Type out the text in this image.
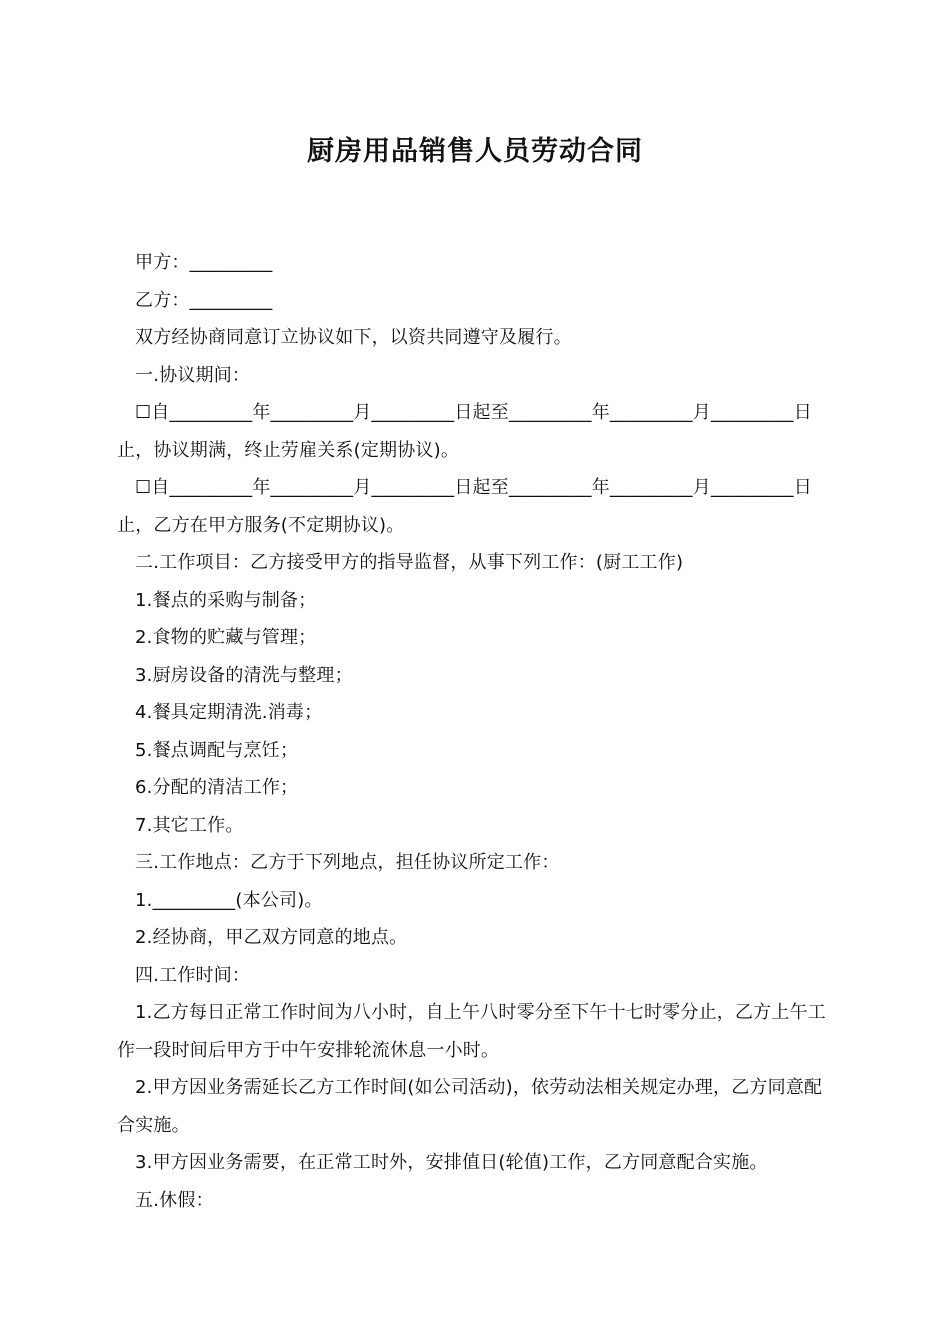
厨房用品销售人员劳动合同

甲方：_________

乙方：_________

双方经协商同意订立协议如下，以资共同遵守及履行。

一.协议期间：

☐自_________年_________月_________日起至_________年_________月_________日止，协议期满，终止劳雇关系(定期协议)。

☐自_________年_________月_________日起至_________年_________月_________日止，乙方在甲方服务(不定期协议)。

二.工作项目：乙方接受甲方的指导监督，从事下列工作：(厨工工作)

1.餐点的采购与制备；

2.食物的贮藏与管理；

3.厨房设备的清洗与整理；

4.餐具定期清洗.消毒；

5.餐点调配与烹饪；

6.分配的清洁工作；

7.其它工作。

三.工作地点：乙方于下列地点，担任协议所定工作：

1._________(本公司)。

2.经协商，甲乙双方同意的地点。

四.工作时间：

1.乙方每日正常工作时间为八小时，自上午八时零分至下午十七时零分止，乙方上午工作一段时间后甲方于中午安排轮流休息一小时。

2.甲方因业务需延长乙方工作时间(如公司活动)，依劳动法相关规定办理，乙方同意配合实施。

3.甲方因业务需要，在正常工时外，安排值日(轮值)工作，乙方同意配合实施。

五.休假：
